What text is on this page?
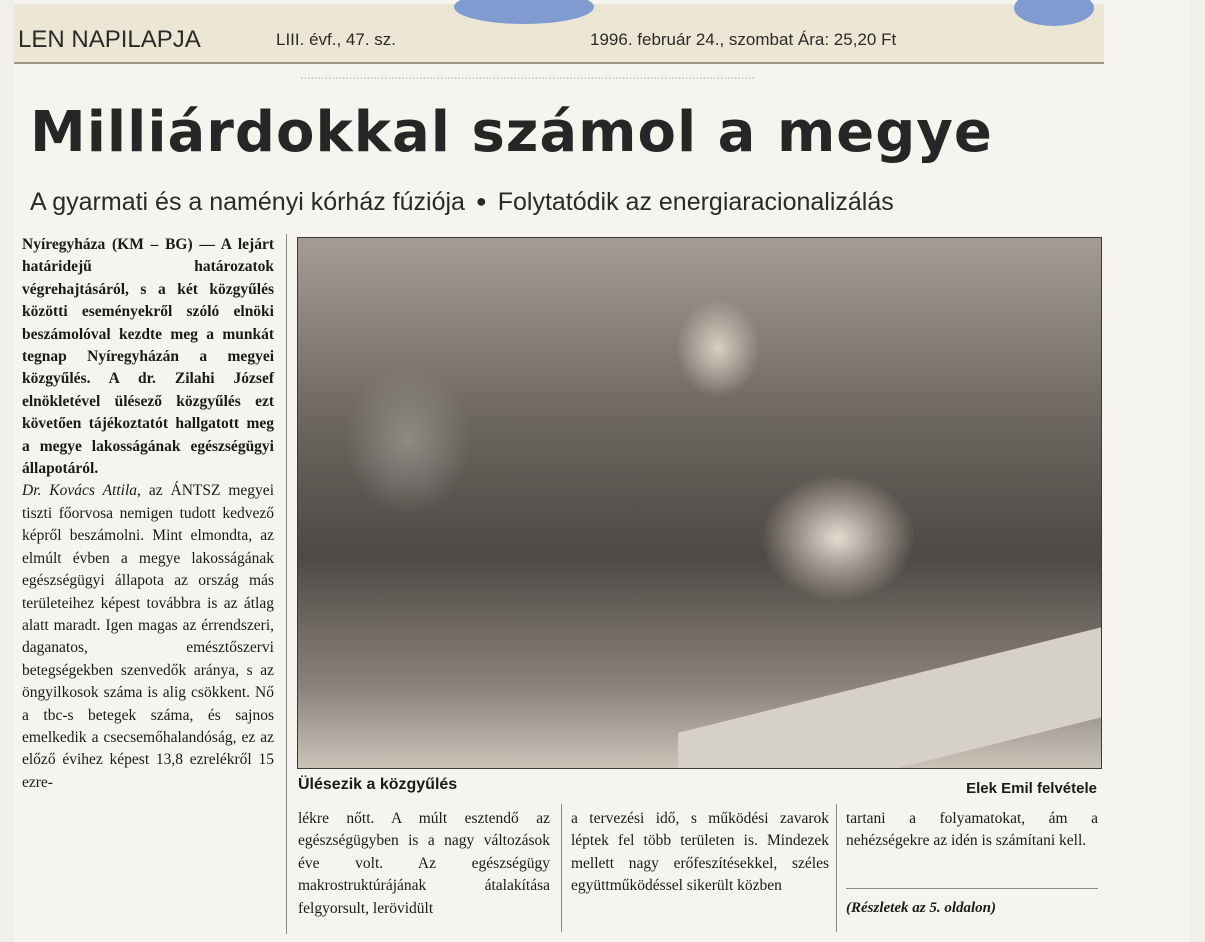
LEN NAPILAPJA	LIII. évf., 47. sz.	1996. február 24., szombat Ára: 25,20 Ft
..................................................................................................................................
Milliárdokkal számol a megye
A gyarmati és a naményi kórház fúziója ● Folytatódik az energiaracionalizálás
Ülésezik a közgyűlés	Elek Emil felvétele

Nyíregyháza (KM – BG) — A lejárt határidejű határozatok végrehajtásáról, s a két közgyűlés közötti eseményekről szóló elnöki beszámolóval kezdte meg a munkát tegnap Nyíregyházán a megyei közgyűlés. A dr. Zilahi József elnökletével ülésező közgyűlés ezt követően tájékoztatót hallgatott meg a megye lakosságának egészségügyi állapotáról.

Dr. Kovács Attila, az ÁNTSZ megyei tiszti főorvosa nemigen tudott kedvező képről beszámolni. Mint elmondta, az elmúlt évben a megye lakosságának egészségügyi állapota az ország más területeihez képest továbbra is az átlag alatt maradt. Igen magas az érrendszeri, daganatos, emésztőszervi betegségekben szenvedők aránya, s az öngyilkosok száma is alig csökkent. Nő a tbc-s betegek száma, és sajnos emelkedik a csecsemőhalandóság, ez az előző évihez képest 13,8 ezrelékről 15 ezre-

lékre nőtt. A múlt esztendő az egészségügyben is a nagy változások éve volt. Az egészségügy makrostruktúrájának átalakítása felgyorsult, lerövidült

a tervezési idő, s működési zavarok léptek fel több területen is. Mindezek mellett nagy erőfeszítésekkel, széles együttműködéssel sikerült közben

tartani a folyamatokat, ám a nehézségekre az idén is számítani kell.

(Részletek az 5. oldalon)
